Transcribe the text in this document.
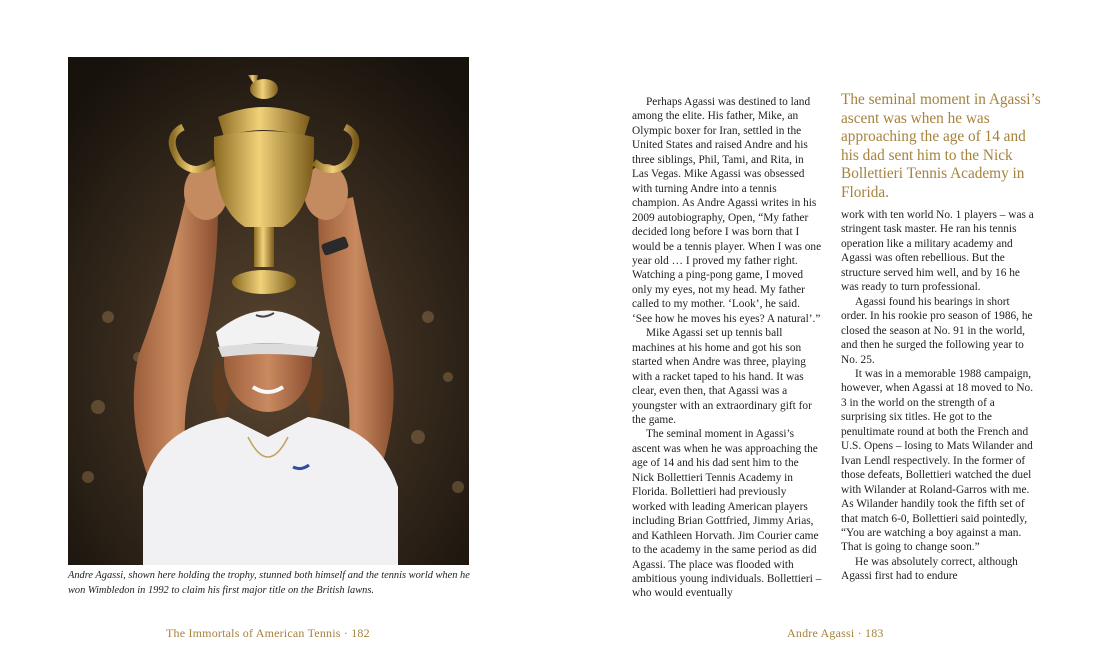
Andre Agassi, shown here holding the trophy, stunned both himself and the tennis world when he won Wimbledon in 1992 to claim his first major title on the British lawns.

Perhaps Agassi was destined to land among the elite. His father, Mike, an Olympic boxer for Iran, settled in the United States and raised Andre and his three siblings, Phil, Tami, and Rita, in Las Vegas. Mike Agassi was obsessed with turning Andre into a tennis champion. As Andre Agassi writes in his 2009 autobiography, Open, “My father decided long before I was born that I would be a tennis player. When I was one year old … I proved my father right. Watching a ping-pong game, I moved only my eyes, not my head. My father called to my mother. ‘Look’, he said. ‘See how he moves his eyes? A natural’.”

Mike Agassi set up tennis ball machines at his home and got his son started when Andre was three, playing with a racket taped to his hand. It was clear, even then, that Agassi was a youngster with an extraordinary gift for the game.

The seminal moment in Agassi’s ascent was when he was approaching the age of 14 and his dad sent him to the Nick Bollettieri Tennis Academy in Florida. Bollettieri had previously worked with leading American players including Brian Gottfried, Jimmy Arias, and Kathleen Horvath. Jim Courier came to the academy in the same period as did Agassi. The place was flooded with ambitious young individuals. Bollettieri – who would eventually

The seminal moment in Agassi’s ascent was when he was approaching the age of 14 and his dad sent him to the Nick Bollettieri Tennis Academy in Florida.

work with ten world No. 1 players – was a stringent task master. He ran his tennis operation like a military academy and Agassi was often rebellious. But the structure served him well, and by 16 he was ready to turn professional.

Agassi found his bearings in short order. In his rookie pro season of 1986, he closed the season at No. 91 in the world, and then he surged the following year to No. 25.

It was in a memorable 1988 campaign, however, when Agassi at 18 moved to No. 3 in the world on the strength of a surprising six titles. He got to the penultimate round at both the French and U.S. Opens – losing to Mats Wilander and Ivan Lendl respectively. In the former of those defeats, Bollettieri watched the duel with Wilander at Roland-Garros with me. As Wilander handily took the fifth set of that match 6-0, Bollettieri said pointedly, “You are watching a boy against a man. That is going to change soon.”

He was absolutely correct, although Agassi first had to endure

The Immortals of American Tennis · 182	Andre Agassi · 183
